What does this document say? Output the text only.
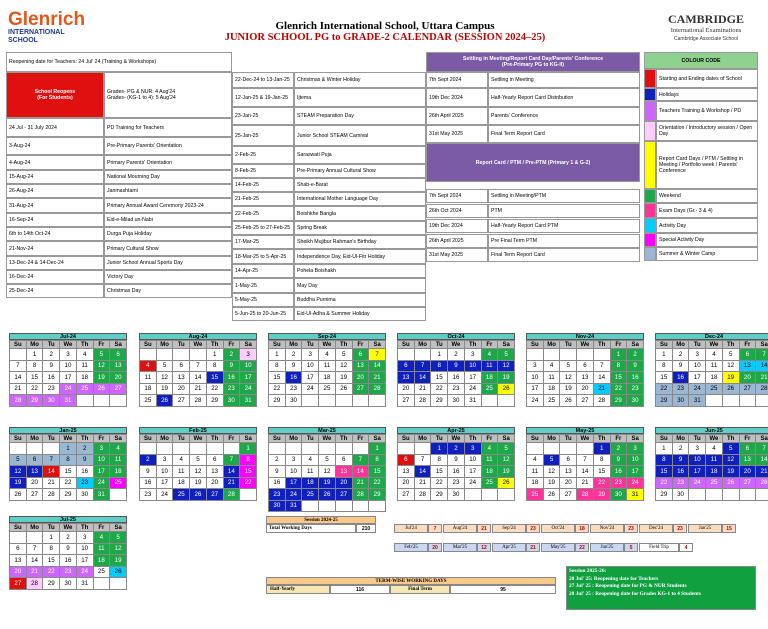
Glenrich
INTERNATIONAL
SCHOOL
Glenrich International School, Uttara Campus
JUNIOR SCHOOL PG to GRADE-2 CALENDAR (SESSION 2024–25)
CAMBRIDGE
International Examinations
Cambridge Associate School
Reopening date for Teachers: 24 Jul' 24 (Training & Workshops)
School Reopens
(For Students)
Grades- PG & NUR: 4 Aug'24
Grades- (KG-1 to 4): 5 Aug'24
24 Jul - 31 July 2024	PD Training for Teachers
3-Aug-24	Pre-Primary Parents' Orientation
4-Aug-24	Primary Parents' Orientation
15-Aug-24	National Mourning Day
26-Aug-24	Janmashtami
31-Aug-24	Primary Annual Award Ceremony 2023-24
16-Sep-24	Eid-e-Milad un-Nabi
6th to 14th Oct-24	Durga Puja Holiday
21-Nov-24	Primary Cultural Show
13-Dec-24 & 14-Dec-24	Junior School Annual Sports Day
16-Dec-24	Victory Day
25-Dec-24	Christmas Day
22-Dec-24 to 13-Jan-25	Christmas & Winter Holiday
12-Jan-25 & 19-Jan-25	Ijtema
23-Jan-25	STEAM Preparation Day
25-Jan-25	Junior School STEAM Carnival
2-Feb-25	Saraswati Puja
8-Feb-25	Pre-Primary Annual Cultural Show
14-Feb-25	Shab-e-Barat
21-Feb-25	International Mother Language Day
22-Feb-25	Boishkhe Bangla
25-Feb-25 to 27-Feb-25	Spring Break
17-Mar-25	Sheikh Mujibur Rahman's Birthday
18-Mar-25 to 5-Apr-25	Independence Day, Eid-Ul-Fitr Holiday
14-Apr-25	Pohela Boishakh
1-May-25	May Day
5-May-25	Buddha Purnima
5-Jun-25 to 20-Jun-25	Eid-Ul-Adha & Summer Holiday
Settling in Meeting/Report Card Day/Parents' Conference
(Pre-Primary PG to KG-II)
7th Sept 2024	Settling in Meeting
19th Dec 2024	Half-Yearly Report Card Distribution
26th April 2025	Parents' Conference
31st May 2025	Final Term Report Card
Report Card / PTM / Pre-PTM (Primary 1 & G-2)
7th Sept 2024	Settling in Meeting/PTM
26th Oct 2024	PTM
19th Dec 2024	Half-Yearly Report Card PTM
26th April 2025	Pre Final Term PTM
31st May 2025	Final Term Report Card
COLOUR CODE
Starting and Ending dates of School
Holidays
Teachers Training & Workshop / PD
Orientation / Introductory session / Open Day
Report Card Days / PTM / Settling in Meeting / Portfolio week / Parents' Conference
Weekend
Exam Days (Gr.- 3 & 4)
Activity Day
Special Activity Day
Summer & Winter Camp
Jul-24
Su	Mo	Tu	We	Th	Fr	Sa
	1	2	3	4	5	6
7	8	9	10	11	12	13
14	15	16	17	18	19	20
21	22	23	24	25	26	27
28	29	30	31			
Aug-24
Su	Mo	Tu	We	Th	Fr	Sa
				1	2	3
4	5	6	7	8	9	10
11	12	13	14	15	16	17
18	19	20	21	22	23	24
25	26	27	28	29	30	31
Sep-24
Su	Mo	Tu	We	Th	Fr	Sa
1	2	3	4	5	6	7
8	9	10	11	12	13	14
15	16	17	18	19	20	21
22	23	24	25	26	27	28
29	30					
Oct-24
Su	Mo	Tu	We	Th	Fr	Sa
		1	2	3	4	5
6	7	8	9	10	11	12
13	14	15	16	17	18	19
20	21	22	23	24	25	26
27	28	29	30	31		
Nov-24
Su	Mo	Tu	We	Th	Fr	Sa
					1	2
3	4	5	6	7	8	9
10	11	12	13	14	15	16
17	18	19	20	21	22	23
24	25	26	27	28	29	30
Dec-24
Su	Mo	Tu	We	Th	Fr	Sa
1	2	3	4	5	6	7
8	9	10	11	12	13	14
15	16	17	18	19	20	21
22	23	24	25	26	27	28
29	30	31				
Jan-25
Su	Mo	Tu	We	Th	Fr	Sa
			1	2	3	4
5	6	7	8	9	10	11
12	13	14	15	16	17	18
19	20	21	22	23	24	25
26	27	28	29	30	31	
Feb-25
Su	Mo	Tu	We	Th	Fr	Sa
						1
2	3	4	5	6	7	8
9	10	11	12	13	14	15
16	17	18	19	20	21	22
23	24	25	26	27	28	
Mar-25
Su	Mo	Tu	We	Th	Fr	Sa
						1
2	3	4	5	6	7	8
9	10	11	12	13	14	15
16	17	18	19	20	21	22
23	24	25	26	27	28	29
30	31					
Apr-25
Su	Mo	Tu	We	Th	Fr	Sa
		1	2	3	4	5
6	7	8	9	10	11	12
13	14	15	16	17	18	19
20	21	22	23	24	25	26
27	28	29	30			
May-25
Su	Mo	Tu	We	Th	Fr	Sa
				1	2	3
4	5	6	7	8	9	10
11	12	13	14	15	16	17
18	19	20	21	22	23	24
25	26	27	28	29	30	31
Jun-25
Su	Mo	Tu	We	Th	Fr	Sa
1	2	3	4	5	6	7
8	9	10	11	12	13	14
15	16	17	18	19	20	21
22	23	24	25	26	27	28
29	30					
Jul-25
Su	Mo	Tu	We	Th	Fr	Sa
		1	2	3	4	5
6	7	8	9	10	11	12
13	14	15	16	17	18	19
20	21	22	23	24	25	26
27	28	29	30	31		
Session 2024-25
Total Working Days	210	Jul'24	7	Aug'24	21	Sep'24	23	Oct'24	18	Nov'24	23	Dec'24	23	Jan'25	15
Feb'25	20	Mar'25	12	Apr'25	21	May'25	22	Jun'25	5	Field Trip	4
TERM-WISE WORKING DAYS
Half-Yearly	116	Final Term	95
Session 2025-26:
20 Jul' 25: Reopening date for Teachers
27 Jul' 25 : Reopening date for PG & NUR Students
28 Jul' 25 : Reopening date for Grades KG-1 to 4 Students
